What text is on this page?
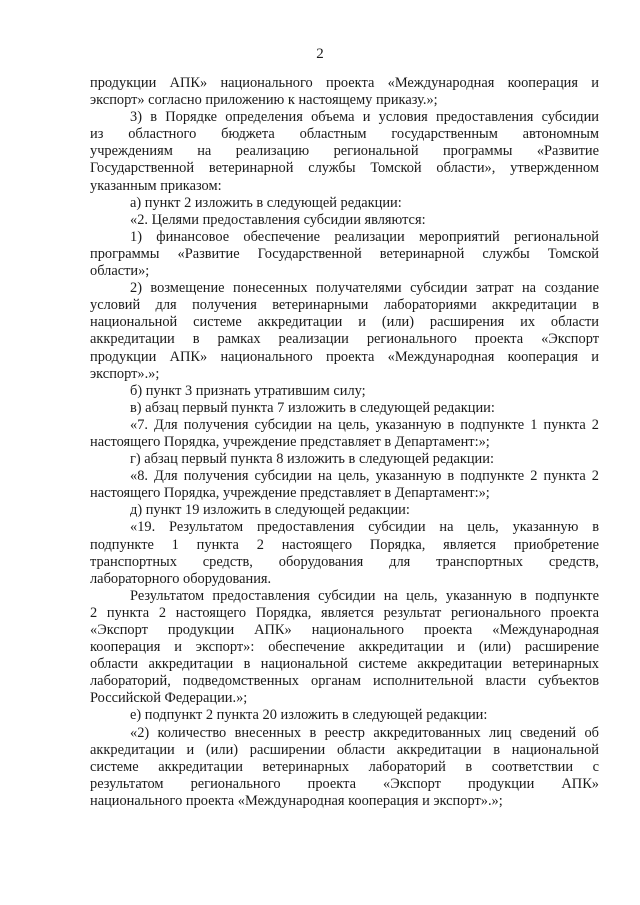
2
продукции АПК» национального проекта «Международная кооперация и
экспорт» согласно приложению к настоящему приказу.»;
3) в Порядке определения объема и условия предоставления субсидии
из областного бюджета областным государственным автономным
учреждениям на реализацию региональной программы «Развитие
Государственной ветеринарной службы Томской области», утвержденном
указанным приказом:
а) пункт 2 изложить в следующей редакции:
«2. Целями предоставления субсидии являются:
1) финансовое обеспечение реализации мероприятий региональной
программы «Развитие Государственной ветеринарной службы Томской
области»;
2) возмещение понесенных получателями субсидии затрат на создание
условий для получения ветеринарными лабораториями аккредитации в
национальной системе аккредитации и (или) расширения их области
аккредитации в рамках реализации регионального проекта «Экспорт
продукции АПК» национального проекта «Международная кооперация и
экспорт».»;
б) пункт 3 признать утратившим силу;
в) абзац первый пункта 7 изложить в следующей редакции:
«7. Для получения субсидии на цель, указанную в подпункте 1 пункта 2
настоящего Порядка, учреждение представляет в Департамент:»;
г) абзац первый пункта 8 изложить в следующей редакции:
«8. Для получения субсидии на цель, указанную в подпункте 2 пункта 2
настоящего Порядка, учреждение представляет в Департамент:»;
д) пункт 19 изложить в следующей редакции:
«19. Результатом предоставления субсидии на цель, указанную в
подпункте 1 пункта 2 настоящего Порядка, является приобретение
транспортных средств, оборудования для транспортных средств,
лабораторного оборудования.
Результатом предоставления субсидии на цель, указанную в подпункте
2 пункта 2 настоящего Порядка, является результат регионального проекта
«Экспорт продукции АПК» национального проекта «Международная
кооперация и экспорт»: обеспечение аккредитации и (или) расширение
области аккредитации в национальной системе аккредитации ветеринарных
лабораторий, подведомственных органам исполнительной власти субъектов
Российской Федерации.»;
е) подпункт 2 пункта 20 изложить в следующей редакции:
«2) количество внесенных в реестр аккредитованных лиц сведений об
аккредитации и (или) расширении области аккредитации в национальной
системе аккредитации ветеринарных лабораторий в соответствии с
результатом регионального проекта «Экспорт продукции АПК»
национального проекта «Международная кооперация и экспорт».»;
